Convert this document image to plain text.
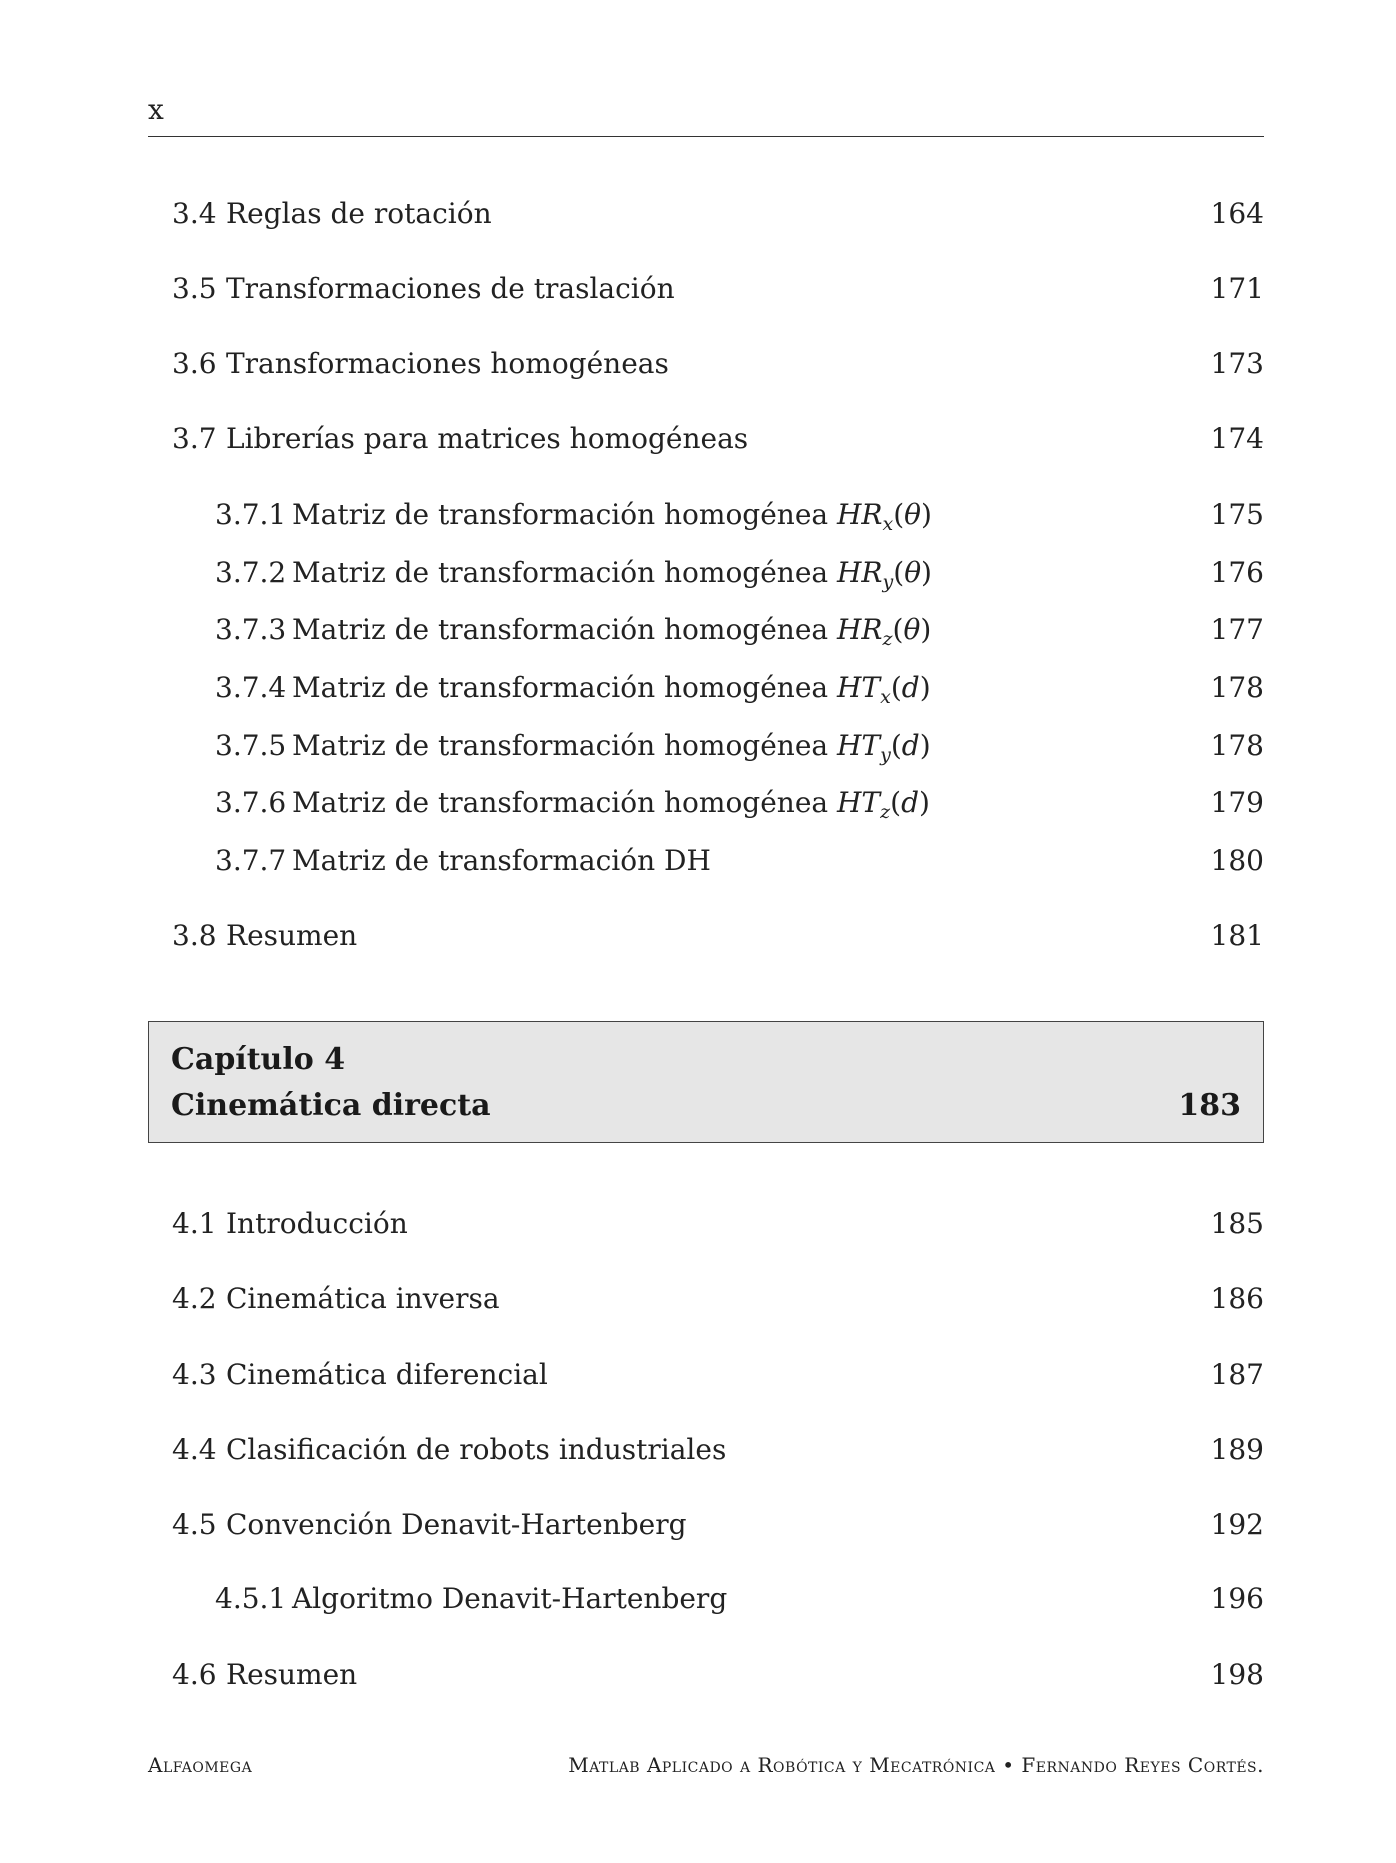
x
3.4 Reglas de rotación	164
3.5 Transformaciones de traslación	171
3.6 Transformaciones homogéneas	173
3.7 Librerías para matrices homogéneas	174
3.7.1 Matriz de transformación homogénea $HR_x(\theta)$	175
3.7.2 Matriz de transformación homogénea $HR_y(\theta)$	176
3.7.3 Matriz de transformación homogénea $HR_z(\theta)$	177
3.7.4 Matriz de transformación homogénea $HT_x(d)$	178
3.7.5 Matriz de transformación homogénea $HT_y(d)$	178
3.7.6 Matriz de transformación homogénea $HT_z(d)$	179
3.7.7 Matriz de transformación DH	180
3.8 Resumen	181
Capítulo 4
Cinemática directa	183
4.1 Introducción	185
4.2 Cinemática inversa	186
4.3 Cinemática diferencial	187
4.4 Clasificación de robots industriales	189
4.5 Convención Denavit-Hartenberg	192
4.5.1 Algoritmo Denavit-Hartenberg	196
4.6 Resumen	198
Alfaomega	Matlab Aplicado a Robótica y Mecatrónica • Fernando Reyes Cortés.
